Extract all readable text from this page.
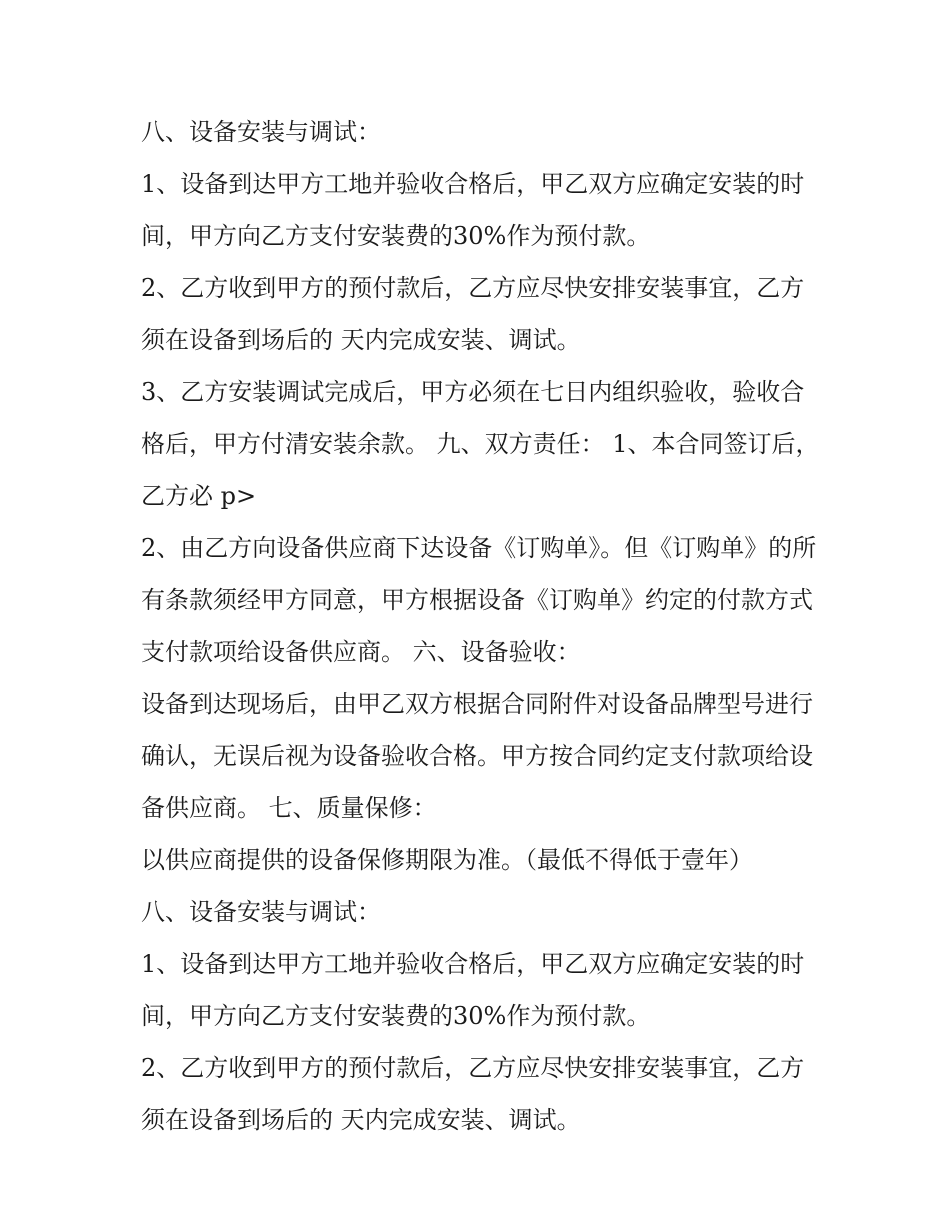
八、设备安装与调试：

1、设备到达甲方工地并验收合格后，甲乙双方应确定安装的时间，甲方向乙方支付安装费的30%作为预付款。

2、乙方收到甲方的预付款后，乙方应尽快安排安装事宜，乙方须在设备到场后的 天内完成安装、调试。

3、乙方安装调试完成后，甲方必须在七日内组织验收，验收合格后，甲方付清安装余款。 九、双方责任： 1、本合同签订后，乙方必 p>

2、由乙方向设备供应商下达设备《订购单》。但《订购单》的所有条款须经甲方同意，甲方根据设备《订购单》约定的付款方式支付款项给设备供应商。 六、设备验收：

设备到达现场后，由甲乙双方根据合同附件对设备品牌型号进行确认，无误后视为设备验收合格。甲方按合同约定支付款项给设备供应商。 七、质量保修：

以供应商提供的设备保修期限为准。（最低不得低于壹年）

八、设备安装与调试：

1、设备到达甲方工地并验收合格后，甲乙双方应确定安装的时间，甲方向乙方支付安装费的30%作为预付款。

2、乙方收到甲方的预付款后，乙方应尽快安排安装事宜，乙方须在设备到场后的 天内完成安装、调试。
